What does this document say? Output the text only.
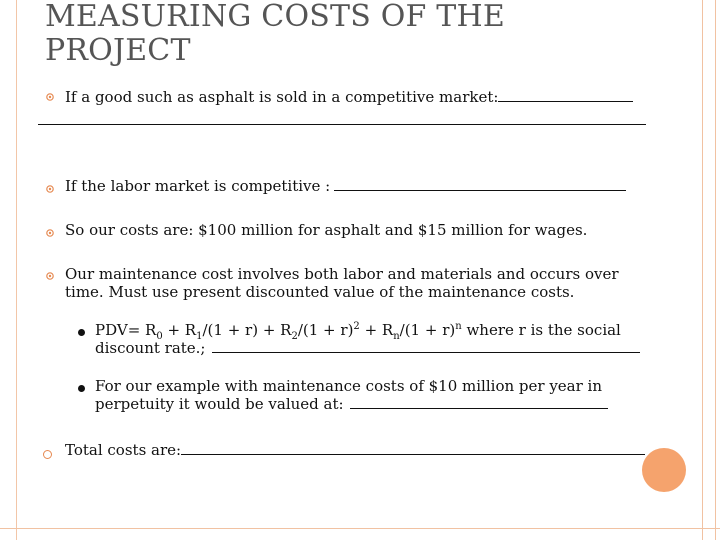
MEASURING COSTS OF THE PROJECT
If a good such as asphalt is sold in a competitive market:
If the labor market is competitive :
So our costs are: $100 million for asphalt and $15 million for wages.
Our maintenance cost involves both labor and materials and occurs over
time. Must use present discounted value of the maintenance costs.
$PDV= R_0 + R_1/(1 + r) + R_2/(1 + r)^2 + R_n/(1 + r)^n$ where r is the social
discount rate.;
For our example with maintenance costs of $10 million per year in
perpetuity it would be valued at:
Total costs are:
